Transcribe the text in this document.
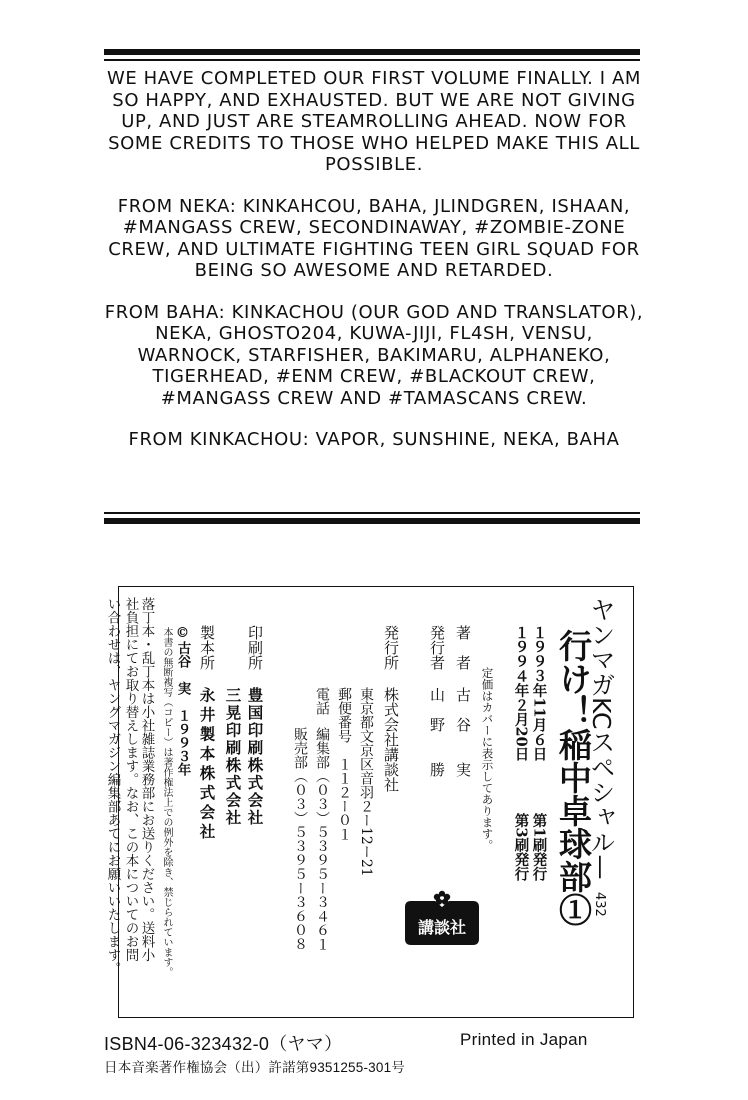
WE HAVE COMPLETED OUR FIRST VOLUME FINALLY. I AM SO HAPPY, AND EXHAUSTED. BUT WE ARE NOT GIVING UP, AND JUST ARE STEAMROLLING AHEAD. NOW FOR SOME CREDITS TO THOSE WHO HELPED MAKE THIS ALL POSSIBLE.

FROM NEKA: KINKAHCOU, BAHA, JLINDGREN, ISHAAN, #MANGASS CREW, SECONDINAWAY, #ZOMBIE-ZONE CREW, AND ULTIMATE FIGHTING TEEN GIRL SQUAD FOR BEING SO AWESOME AND RETARDED.

FROM BAHA: KINKACHOU (OUR GOD AND TRANSLATOR), NEKA, GHOSTO204, KUWA-JIJI, FL4SH, VENSU, WARNOCK, STARFISHER, BAKIMARU, ALPHANEKO, TIGERHEAD, #ENM CREW, #BLACKOUT CREW, #MANGASS CREW AND #TAMASCANS CREW.

FROM KINKACHOU: VAPOR, SUNSHINE, NEKA, BAHA

ヤンマガKCスペシャル—
432
行け！稲中卓球部①
１９９３年11月６日
第1刷発行
１９９４年２月20日
第3刷発行
定価はカバーに表示してあります。
著　者
古　谷　　実
発行者
山　野　　勝
発行所
株式会社講談社
東京都文京区音羽２ー12ー21
郵便番号　１１２ー０１
電話
編集部（０３）５３９５ー３４６１
販売部（０３）５３９５ー３６０８	講談社
印刷所
豊国印刷株式会社
三晃印刷株式会社
製本所
永井製本株式会社
©古谷　実　１９９３年
本書の無断複写（コピー）は著作権法上での例外を除き、禁じられています。
落丁本・乱丁本は小社雑誌業務部にお送りください。送料小
社負担にてお取り替えします。なお、この本についてのお問
い合わせは、ヤングマガジン編集部あてにお願いいたします。
ISBN4-06-323432-0（ヤマ）	Printed in Japan
日本音楽著作権協会（出）許諾第9351255-301号
